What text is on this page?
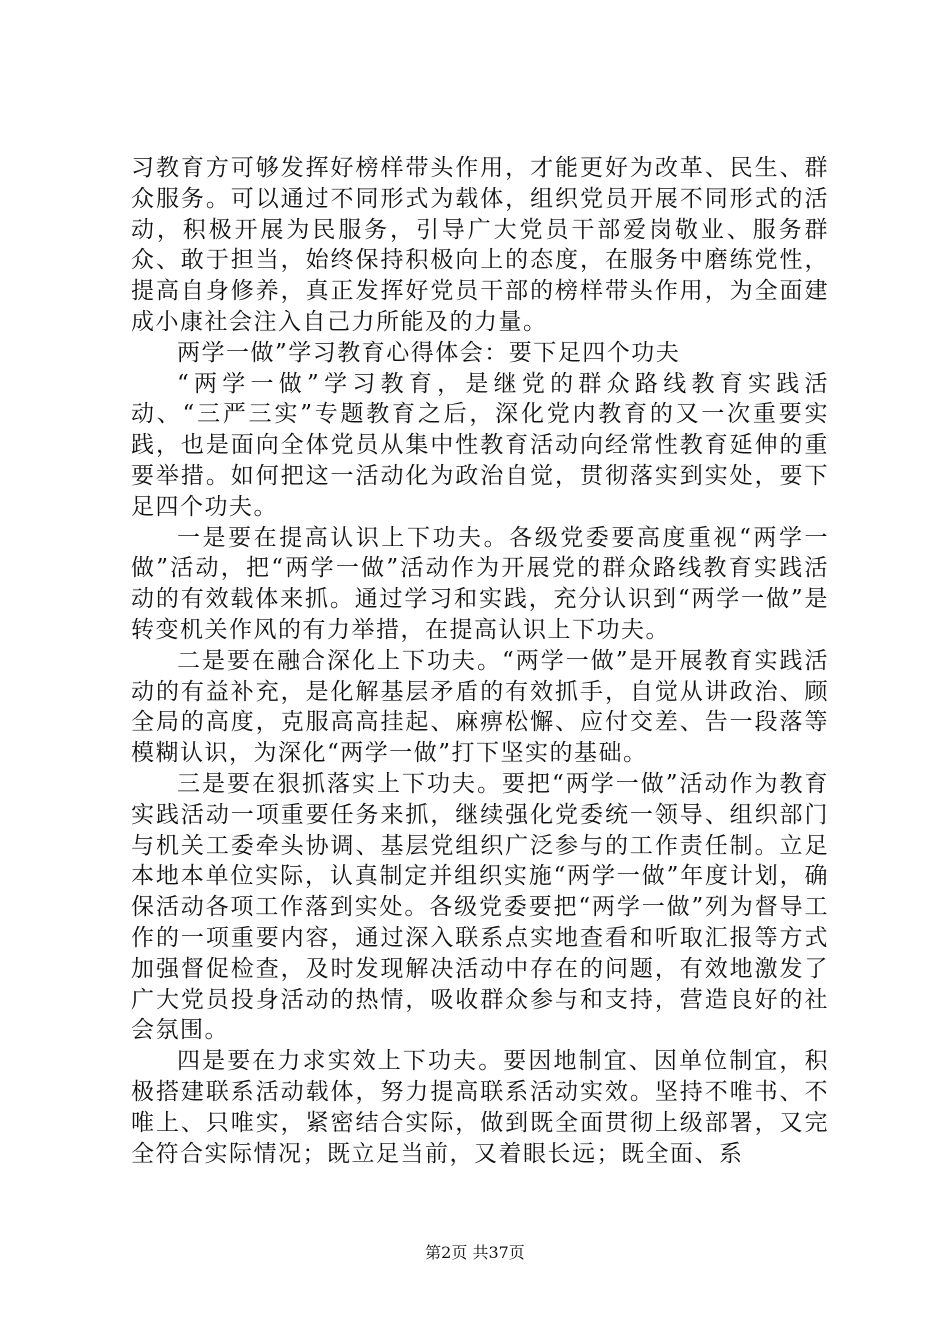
习教育方可够发挥好榜样带头作用，才能更好为改革、民生、群众服务。可以通过不同形式为载体，组织党员开展不同形式的活动，积极开展为民服务，引导广大党员干部爱岗敬业、服务群众、敢于担当，始终保持积极向上的态度，在服务中磨练党性，提高自身修养，真正发挥好党员干部的榜样带头作用，为全面建成小康社会注入自己力所能及的力量。

两学一做”学习教育心得体会：要下足四个功夫

“两学一做”学习教育，是继党的群众路线教育实践活动、“三严三实”专题教育之后，深化党内教育的又一次重要实践，也是面向全体党员从集中性教育活动向经常性教育延伸的重要举措。如何把这一活动化为政治自觉，贯彻落实到实处，要下足四个功夫。

一是要在提高认识上下功夫。各级党委要高度重视“两学一做”活动，把“两学一做”活动作为开展党的群众路线教育实践活动的有效载体来抓。通过学习和实践，充分认识到“两学一做”是转变机关作风的有力举措，在提高认识上下功夫。

二是要在融合深化上下功夫。“两学一做”是开展教育实践活动的有益补充，是化解基层矛盾的有效抓手，自觉从讲政治、顾全局的高度，克服高高挂起、麻痹松懈、应付交差、告一段落等模糊认识，为深化“两学一做”打下坚实的基础。

三是要在狠抓落实上下功夫。要把“两学一做”活动作为教育实践活动一项重要任务来抓，继续强化党委统一领导、组织部门与机关工委牵头协调、基层党组织广泛参与的工作责任制。立足本地本单位实际，认真制定并组织实施“两学一做”年度计划，确保活动各项工作落到实处。各级党委要把“两学一做”列为督导工作的一项重要内容，通过深入联系点实地查看和听取汇报等方式加强督促检查，及时发现解决活动中存在的问题，有效地激发了广大党员投身活动的热情，吸收群众参与和支持，营造良好的社会氛围。

四是要在力求实效上下功夫。要因地制宜、因单位制宜，积极搭建联系活动载体，努力提高联系活动实效。坚持不唯书、不唯上、只唯实，紧密结合实际，做到既全面贯彻上级部署，又完全符合实际情况；既立足当前，又着眼长远；既全面、系

第2页 共37页
